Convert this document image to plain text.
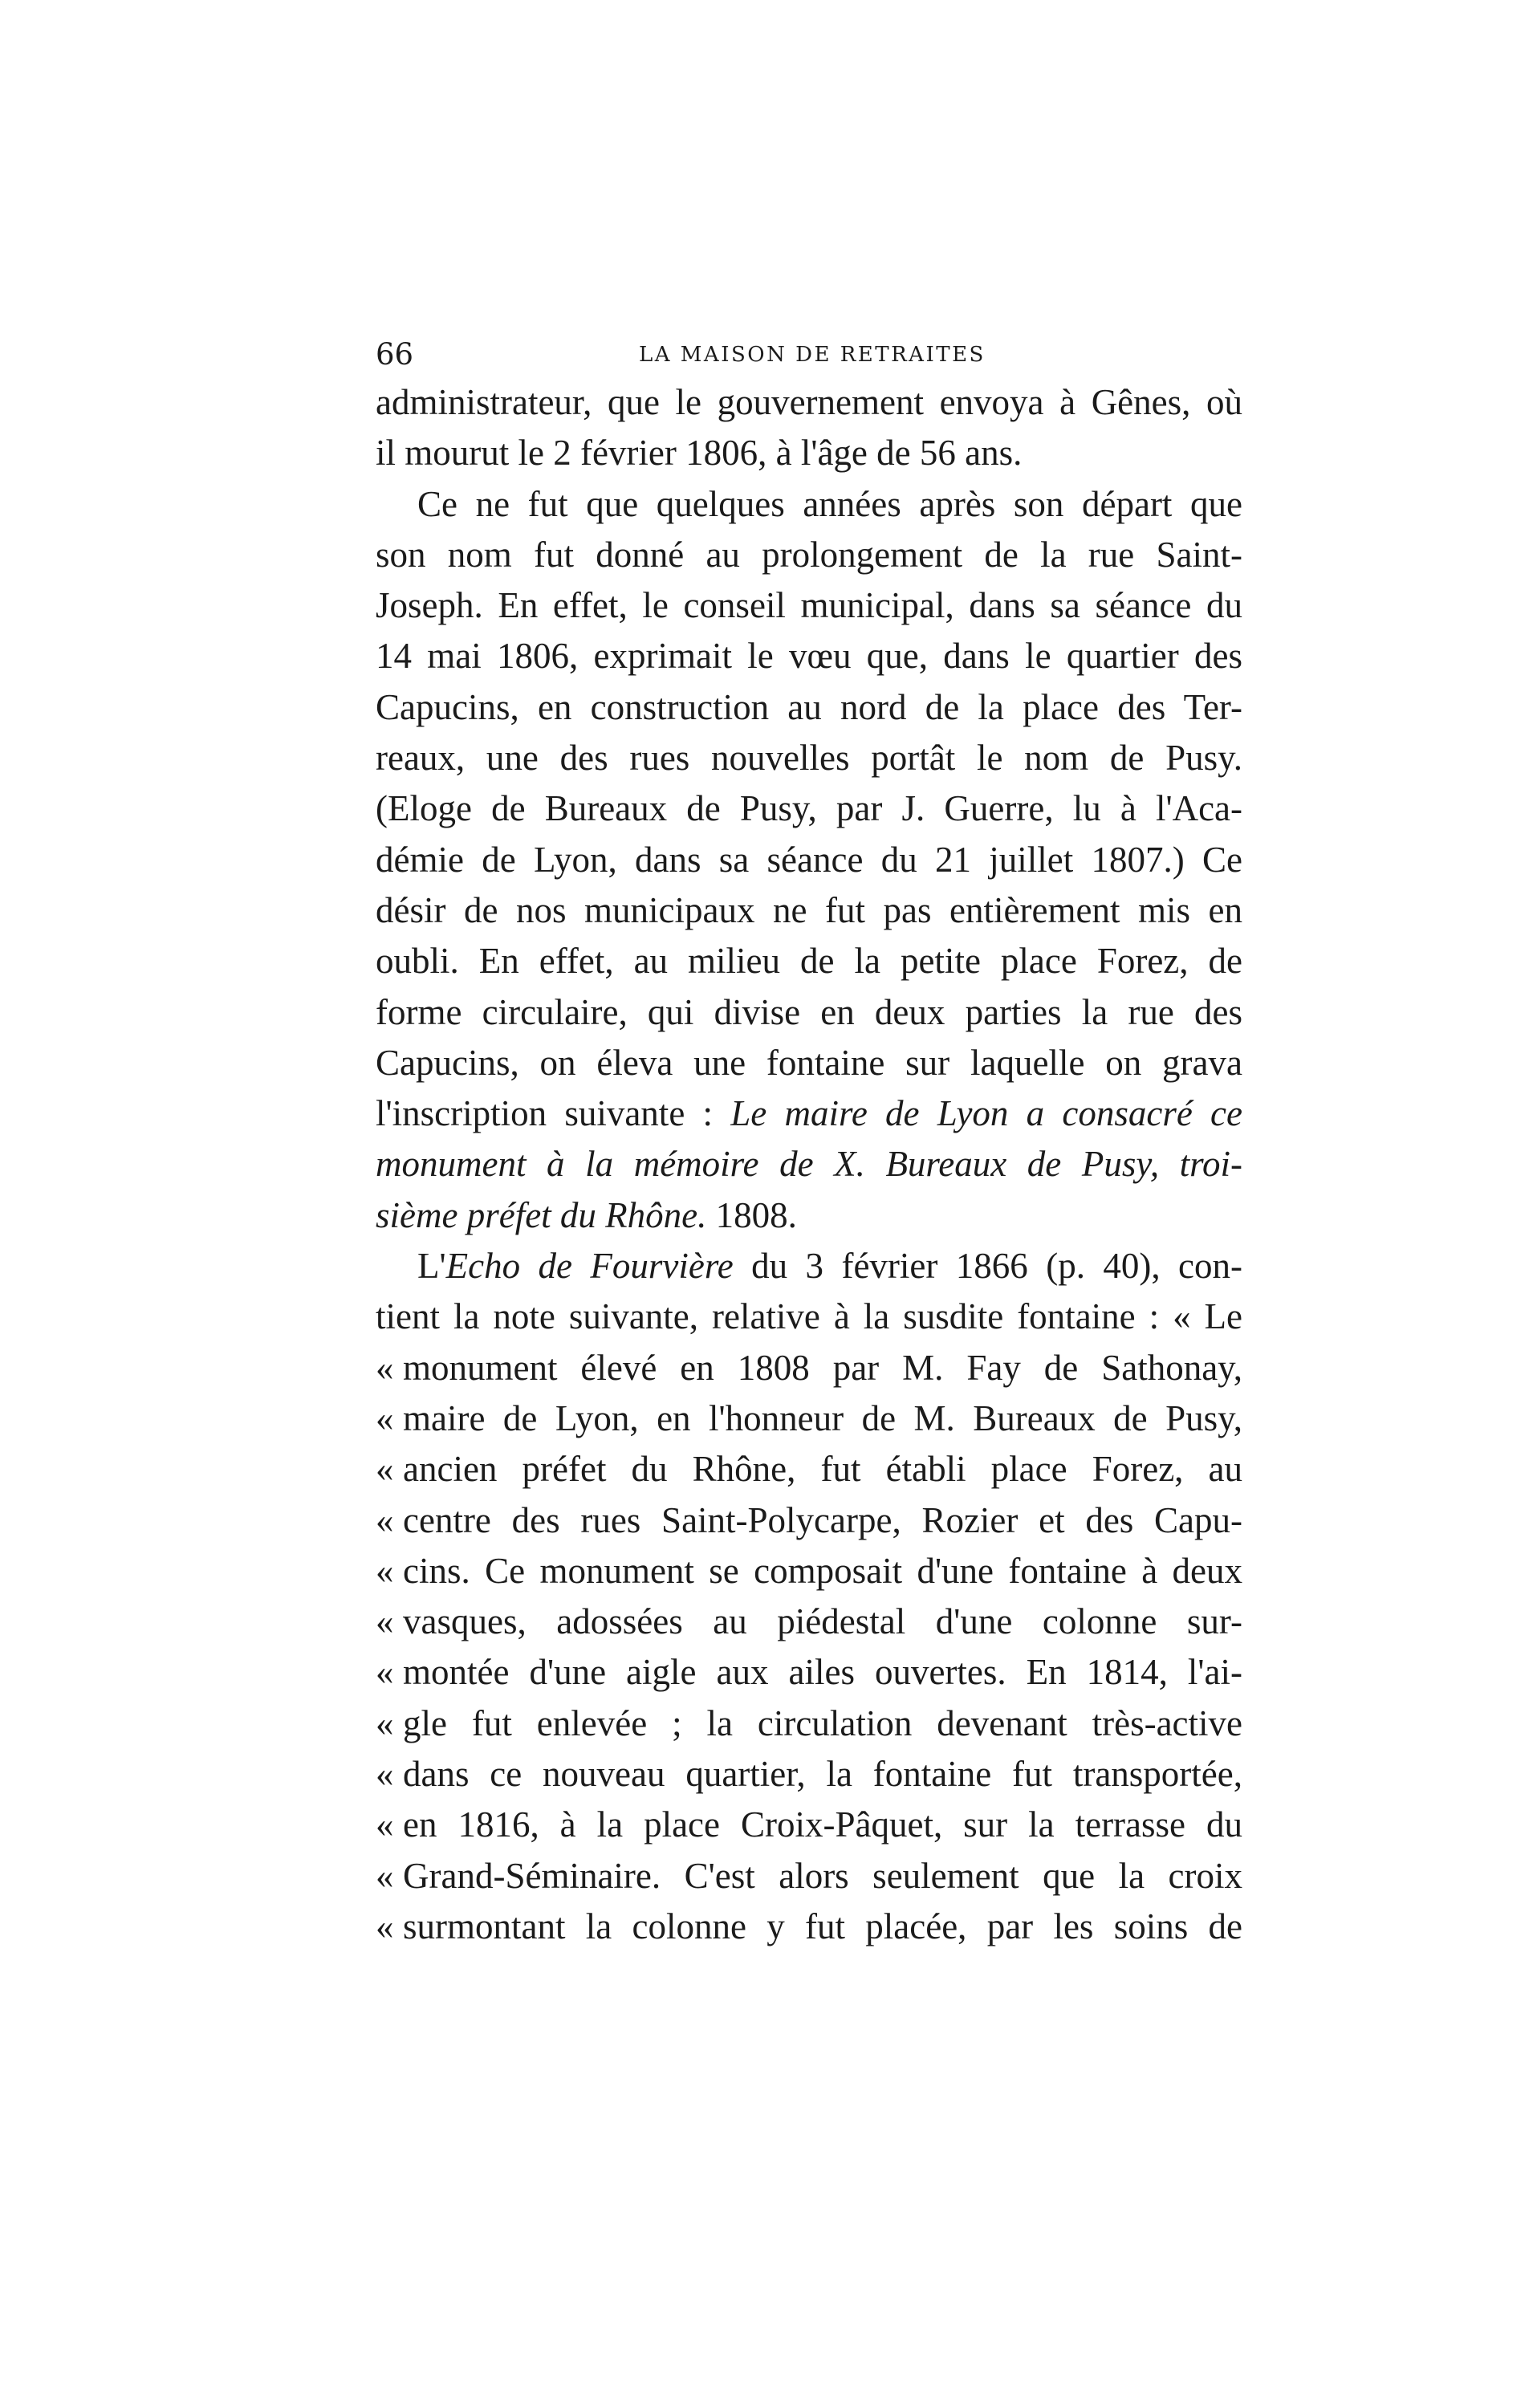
66	LA MAISON DE RETRAITES
administrateur, que le gouvernement envoya à Gênes, où
il mourut le 2 février 1806, à l'âge de 56 ans.
Ce ne fut que quelques années après son départ que
son nom fut donné au prolongement de la rue Saint-
Joseph. En effet, le conseil municipal, dans sa séance du
14 mai 1806, exprimait le vœu que, dans le quartier des
Capucins, en construction au nord de la place des Ter-
reaux, une des rues nouvelles portât le nom de Pusy.
(Eloge de Bureaux de Pusy, par J. Guerre, lu à l'Aca-
démie de Lyon, dans sa séance du 21 juillet 1807.) Ce
désir de nos municipaux ne fut pas entièrement mis en
oubli. En effet, au milieu de la petite place Forez, de
forme circulaire, qui divise en deux parties la rue des
Capucins, on éleva une fontaine sur laquelle on grava
l'inscription suivante : Le maire de Lyon a consacré ce
monument à la mémoire de X. Bureaux de Pusy, troi-
sième préfet du Rhône. 1808.
L'Echo de Fourvière du 3 février 1866 (p. 40), con-
tient la note suivante, relative à la susdite fontaine : « Le
« monument élevé en 1808 par M. Fay de Sathonay,
« maire de Lyon, en l'honneur de M. Bureaux de Pusy,
« ancien préfet du Rhône, fut établi place Forez, au
« centre des rues Saint-Polycarpe, Rozier et des Capu-
« cins. Ce monument se composait d'une fontaine à deux
« vasques, adossées au piédestal d'une colonne sur-
« montée d'une aigle aux ailes ouvertes. En 1814, l'ai-
« gle fut enlevée ; la circulation devenant très-active
« dans ce nouveau quartier, la fontaine fut transportée,
« en 1816, à la place Croix-Pâquet, sur la terrasse du
« Grand-Séminaire. C'est alors seulement que la croix
« surmontant la colonne y fut placée, par les soins de
